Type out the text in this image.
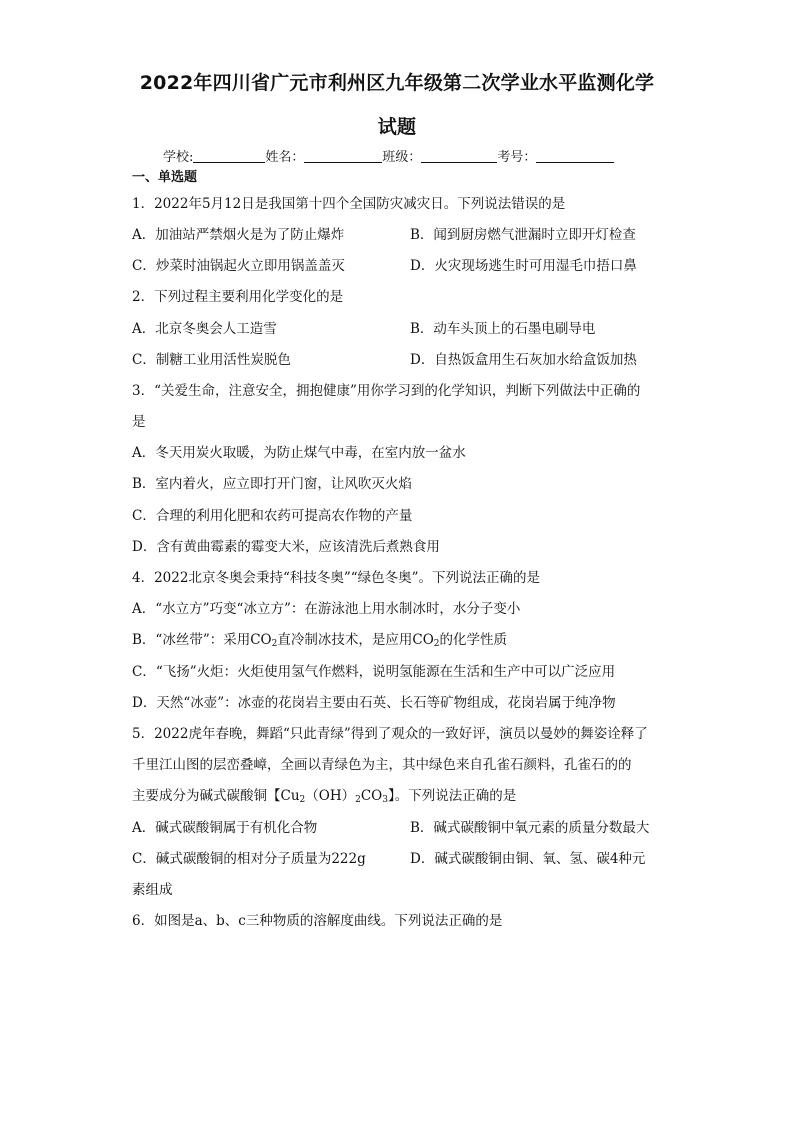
2022年四川省广元市利州区九年级第二次学业水平监测化学
试题
学校:	姓名：	班级：	考号：
一、单选题
1．2022年5月12日是我国第十四个全国防灾减灾日。下列说法错误的是
A．加油站严禁烟火是为了防止爆炸	B．闻到厨房燃气泄漏时立即开灯检查
C．炒菜时油锅起火立即用锅盖盖灭	D．火灾现场逃生时可用湿毛巾捂口鼻
2．下列过程主要利用化学变化的是
A．北京冬奥会人工造雪	B．动车头顶上的石墨电刷导电
C．制糖工业用活性炭脱色	D．自热饭盒用生石灰加水给盒饭加热
3．“关爱生命，注意安全，拥抱健康”用你学习到的化学知识，判断下列做法中正确的
是
A．冬天用炭火取暖，为防止煤气中毒，在室内放一盆水
B．室内着火，应立即打开门窗，让风吹灭火焰
C．合理的利用化肥和农药可提高农作物的产量
D．含有黄曲霉素的霉变大米，应该清洗后煮熟食用
4．2022北京冬奥会秉持“科技冬奥”“绿色冬奥”。下列说法正确的是
A．“水立方”巧变“冰立方”：在游泳池上用水制冰时，水分子变小
B．“冰丝带”：采用$CO_2$直冷制冰技术，是应用$CO_2$的化学性质
C．“飞扬”火炬：火炬使用氢气作燃料，说明氢能源在生活和生产中可以广泛应用
D．天然“冰壶”：冰壶的花岗岩主要由石英、长石等矿物组成，花岗岩属于纯净物
5．2022虎年春晚，舞蹈“只此青绿”得到了观众的一致好评，演员以曼妙的舞姿诠释了
千里江山图的层峦叠嶂，全画以青绿色为主，其中绿色来自孔雀石颜料，孔雀石的的
主要成分为碱式碳酸铜【$Cu_2(OH)_2CO_3$】。下列说法正确的是
A．碱式碳酸铜属于有机化合物	B．碱式碳酸铜中氧元素的质量分数最大
C．碱式碳酸铜的相对分子质量为222g	D．碱式碳酸铜由铜、氧、氢、碳4种元
素组成
6．如图是a、b、c三种物质的溶解度曲线。下列说法正确的是
